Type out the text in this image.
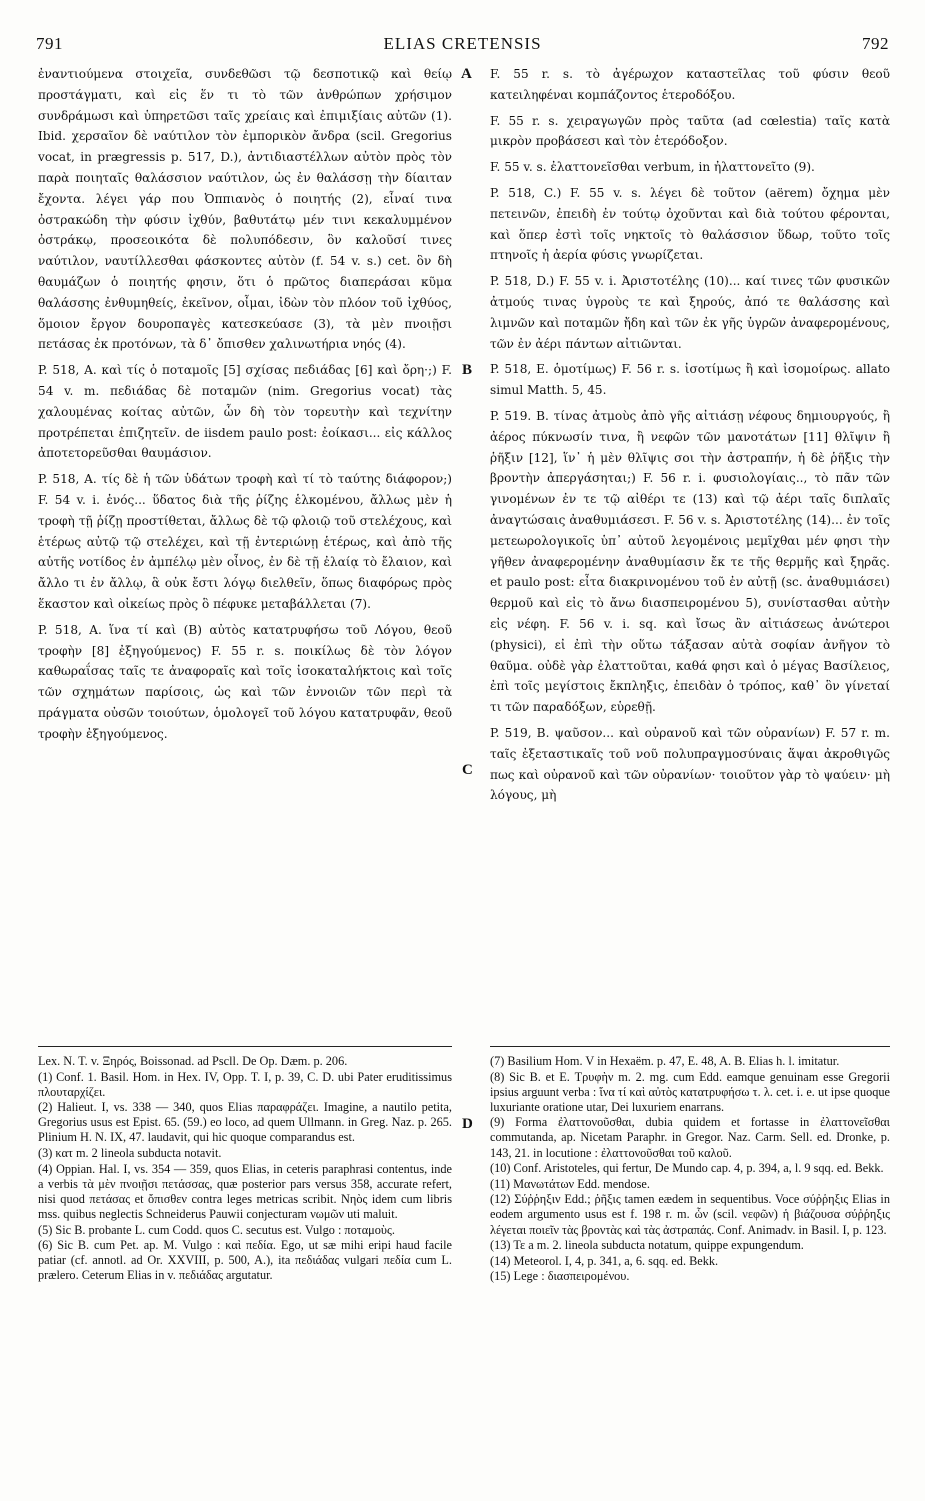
791	ELIAS CRETENSIS	792
A
B
C
D

ἐναντιούμενα στοιχεῖα, συνδεθῶσι τῷ δεσποτικῷ καὶ θείῳ προστάγματι, καὶ εἰς ἕν τι τὸ τῶν ἀνθρώπων χρήσιμον συνδράμωσι καὶ ὑπηρετῶσι ταῖς χρείαις καὶ ἐπιμιξίαις αὐτῶν (1). Ibid. χερσαῖον δὲ ναύτιλον τὸν ἐμπορικὸν ἄνδρα (scil. Gregorius vocat, in prægressis p. 517, D.), ἀντιδιαστέλλων αὐτὸν πρὸς τὸν παρὰ ποιηταῖς θαλάσσιον ναύτιλον, ὡς ἐν θαλάσσῃ τὴν δίαιταν ἔχοντα. λέγει γάρ που Ὀππιανὸς ὁ ποιητής (2), εἶναί τινα ὀστρακώδη τὴν φύσιν ἰχθύν, βαθυτάτῳ μέν τινι κεκαλυμμένον ὀστράκῳ, προσεοικότα δὲ πολυπόδεσιν, ὃν καλοῦσί τινες ναύτιλον, ναυτίλλεσθαι φάσκοντες αὐτὸν (f. 54 v. s.) cet. ὃν δὴ θαυμάζων ὁ ποιητής φησιν, ὅτι ὁ πρῶτος διαπεράσαι κῦμα θαλάσσης ἐνθυμηθείς, ἐκεῖνον, οἶμαι, ἰδὼν τὸν πλόον τοῦ ἰχθύος, ὅμοιον ἔργον δουροπαγὲς κατεσκεύασε (3), τὰ μὲν πνοιῇσι πετάσας ἐκ προτόνων, τὰ δ᾽ ὄπισθεν χαλινωτήρια νηός (4).

P. 518, A. καὶ τίς ὁ ποταμοῖς [5] σχίσας πεδιάδας [6] καὶ ὄρη·;) F. 54 v. m. πεδιάδας δὲ ποταμῶν (nim. Gregorius vocat) τὰς χαλουμένας κοίτας αὐτῶν, ὧν δὴ τὸν τορευτὴν καὶ τεχνίτην προτρέπεται ἐπιζητεῖν. de iisdem paulo post: ἐοίκασι... εἰς κάλλος ἀποτετορεῦσθαι θαυμάσιον.

P. 518, A. τίς δὲ ἡ τῶν ὑδάτων τροφὴ καὶ τί τὸ ταύτης διάφορον;) F. 54 v. i. ἑνός... ὕδατος διὰ τῆς ῥίζης ἑλκομένου, ἄλλως μὲν ἡ τροφὴ τῇ ῥίζῃ προστίθεται, ἄλλως δὲ τῷ φλοιῷ τοῦ στελέχους, καὶ ἑτέρως αὐτῷ τῷ στελέχει, καὶ τῇ ἐντεριώνῃ ἑτέρως, καὶ ἀπὸ τῆς αὐτῆς νοτίδος ἐν ἀμπέλῳ μὲν οἶνος, ἐν δὲ τῇ ἐλαίᾳ τὸ ἔλαιον, καὶ ἄλλο τι ἐν ἄλλῳ, ἃ οὐκ ἔστι λόγῳ διελθεῖν, ὅπως διαφόρως πρὸς ἕκαστον καὶ οἰκείως πρὸς ὃ πέφυκε μεταβάλλεται (7).

P. 518, A. ἵνα τί καὶ (B) αὐτὸς κατατρυφήσω τοῦ Λόγου, θεοῦ τροφὴν [8] ἐξηγούμενος) F. 55 r. s. ποικίλως δὲ τὸν λόγον καθωραΐσας ταῖς τε ἀναφοραῖς καὶ τοῖς ἰσοκαταλήκτοις καὶ τοῖς τῶν σχημάτων παρίσοις, ὡς καὶ τῶν ἐννοιῶν τῶν περὶ τὰ πράγματα οὐσῶν τοιούτων, ὁμολογεῖ τοῦ λόγου κατατρυφᾶν, θεοῦ τροφὴν ἐξηγούμενος.

F. 55 r. s. τὸ ἀγέρωχον καταστεῖλας τοῦ φύσιν θεοῦ κατειληφέναι κομπάζοντος ἑτεροδόξου.

F. 55 r. s. χειραγωγῶν πρὸς ταῦτα (ad cœlestia) ταῖς κατὰ μικρὸν προβάσεσι καὶ τὸν ἑτερόδοξον.

F. 55 v. s. ἐλαττονεῖσθαι verbum, in ἠλαττονεῖτο (9).

P. 518, C.) F. 55 v. s. λέγει δὲ τοῦτον (aërem) ὄχημα μὲν πετεινῶν, ἐπειδὴ ἐν τούτῳ ὀχοῦνται καὶ διὰ τούτου φέρονται, καὶ ὅπερ ἐστὶ τοῖς νηκτοῖς τὸ θαλάσσιον ὕδωρ, τοῦτο τοῖς πτηνοῖς ἡ ἀερία φύσις γνωρίζεται.

P. 518, D.) F. 55 v. i. Ἀριστοτέλης (10)... καί τινες τῶν φυσικῶν ἀτμούς τινας ὑγροὺς τε καὶ ξηρούς, ἀπό τε θαλάσσης καὶ λιμνῶν καὶ ποταμῶν ἤδη καὶ τῶν ἐκ γῆς ὑγρῶν ἀναφερομένους, τῶν ἐν ἀέρι πάντων αἰτιῶνται.

P. 518, E. ὁμοτίμως) F. 56 r. s. ἰσοτίμως ἢ καὶ ἰσομοίρως. allato simul Matth. 5, 45.

P. 519. B. τίνας ἀτμοὺς ἀπὸ γῆς αἰτιάσῃ νέφους δημιουργούς, ἢ ἀέρος πύκνωσίν τινα, ἢ νεφῶν τῶν μανοτάτων [11] θλῖψιν ἢ ῥῆξιν [12], ἵν᾽ ἡ μὲν θλῖψις σοι τὴν ἀστραπήν, ἡ δὲ ῥῆξις τὴν βροντὴν ἀπεργάσηται;) F. 56 r. i. φυσιολογίαις.., τὸ πᾶν τῶν γινομένων ἐν τε τῷ αἰθέρι τε (13) καὶ τῷ ἀέρι ταῖς διπλαῖς ἀναγτώσαις ἀναθυμιάσεσι. F. 56 v. s. Ἀριστοτέλης (14)... ἐν τοῖς μετεωρολογικοῖς ὑπ᾽ αὐτοῦ λεγομένοις μεμῖχθαι μέν φησι τὴν γῆθεν ἀναφερομένην ἀναθυμίασιν ἔκ τε τῆς θερμῆς καὶ ξηρᾶς. et paulo post: εἶτα διακρινομένου τοῦ ἐν αὐτῇ (sc. ἀναθυμιάσει) θερμοῦ καὶ εἰς τὸ ἄνω διασπειρομένου 5), συνίστασθαι αὐτὴν εἰς νέφη. F. 56 v. i. sq. καὶ ἴσως ἂν αἰτιάσεως ἀνώτεροι (physici), εἰ ἐπὶ τὴν οὕτω τάξασαν αὐτὰ σοφίαν ἀνῆγον τὸ θαῦμα. οὐδὲ γὰρ ἐλαττοῦται, καθά φησι καὶ ὁ μέγας Βασίλειος, ἐπὶ τοῖς μεγίστοις ἔκπληξις, ἐπειδὰν ὁ τρόπος, καθ᾽ ὃν γίνεταί τι τῶν παραδόξων, εὑρεθῇ.

P. 519, B. ψαῦσον... καὶ οὐρανοῦ καὶ τῶν οὐρανίων) F. 57 r. m. ταῖς ἐξεταστικαῖς τοῦ νοῦ πολυπραγμοσύναις ἅψαι ἀκροθιγῶς πως καὶ οὐρανοῦ καὶ τῶν οὐρανίων· τοιοῦτον γὰρ τὸ ψαύειν· μὴ λόγους, μὴ

Lex. N. T. v. Ξηρός, Boissonad. ad Pscll. De Op. Dæm. p. 206.

(1) Conf. 1. Basil. Hom. in Hex. IV, Opp. T. I, p. 39, C. D. ubi Pater eruditissimus πλουταρχίζει.

(2) Halieut. I, vs. 338 — 340, quos Elias παραφράζει. Imagine, a nautilo petita, Gregorius usus est Epist. 65. (59.) eo loco, ad quem Ullmann. in Greg. Naz. p. 265. Plinium H. N. IX, 47. laudavit, qui hic quoque comparandus est.

(3) κατ m. 2 lineola subducta notavit.

(4) Oppian. Hal. I, vs. 354 — 359, quos Elias, in ceteris paraphrasi contentus, inde a verbis τὰ μὲν πνοιῇσι πετάσσας, quæ posterior pars versus 358, accurate refert, nisi quod πετάσας et ὄπισθεν contra leges metricas scribit. Νηὸς idem cum libris mss. quibus neglectis Schneiderus Pauwii conjecturam νωμῶν uti maluit.

(5) Sic B. probante L. cum Codd. quos C. secutus est. Vulgo : ποταμοὺς.

(6) Sic B. cum Pet. ap. M. Vulgo : καὶ πεδία. Ego, ut sæ mihi eripi haud facile patiar (cf. annotl. ad Or. XXVIII, p. 500, A.), ita πεδιάδας vulgari πεδία cum L. prælero. Ceterum Elias in v. πεδιάδας argutatur.

(7) Basilium Hom. V in Hexaëm. p. 47, E. 48, A. B. Elias h. l. imitatur.

(8) Sic B. et E. Τρυφὴν m. 2. mg. cum Edd. eamque genuinam esse Gregorii ipsius arguunt verba : ἵνα τί καὶ αὐτὸς κατατρυφήσω τ. λ. cet. i. e. ut ipse quoque luxuriante oratione utar, Dei luxuriem enarrans.

(9) Forma ἐλαττονοῦσθαι, dubia quidem et fortasse in ἐλαττονεῖσθαι commutanda, ap. Nicetam Paraphr. in Gregor. Naz. Carm. Sell. ed. Dronke, p. 143, 21. in locutione : ἐλαττονοῦσθαι τοῦ καλοῦ.

(10) Conf. Aristoteles, qui fertur, De Mundo cap. 4, p. 394, a, l. 9 sqq. ed. Bekk.

(11) Μανωτάτων Edd. mendose.

(12) Σύῤῥηξιν Edd.; ῥῆξις tamen eædem in sequentibus. Voce σύῤῥηξις Elias in eodem argumento usus est f. 198 r. m. ὧν (scil. νεφῶν) ἡ βιάζουσα σύῤῥηξις λέγεται ποιεῖν τὰς βροντὰς καὶ τὰς ἀστραπάς. Conf. Animadv. in Basil. I, p. 123.

(13) Τε a m. 2. lineola subducta notatum, quippe expungendum.

(14) Meteorol. I, 4, p. 341, a, 6. sqq. ed. Bekk.

(15) Lege : διασπειρομένου.
